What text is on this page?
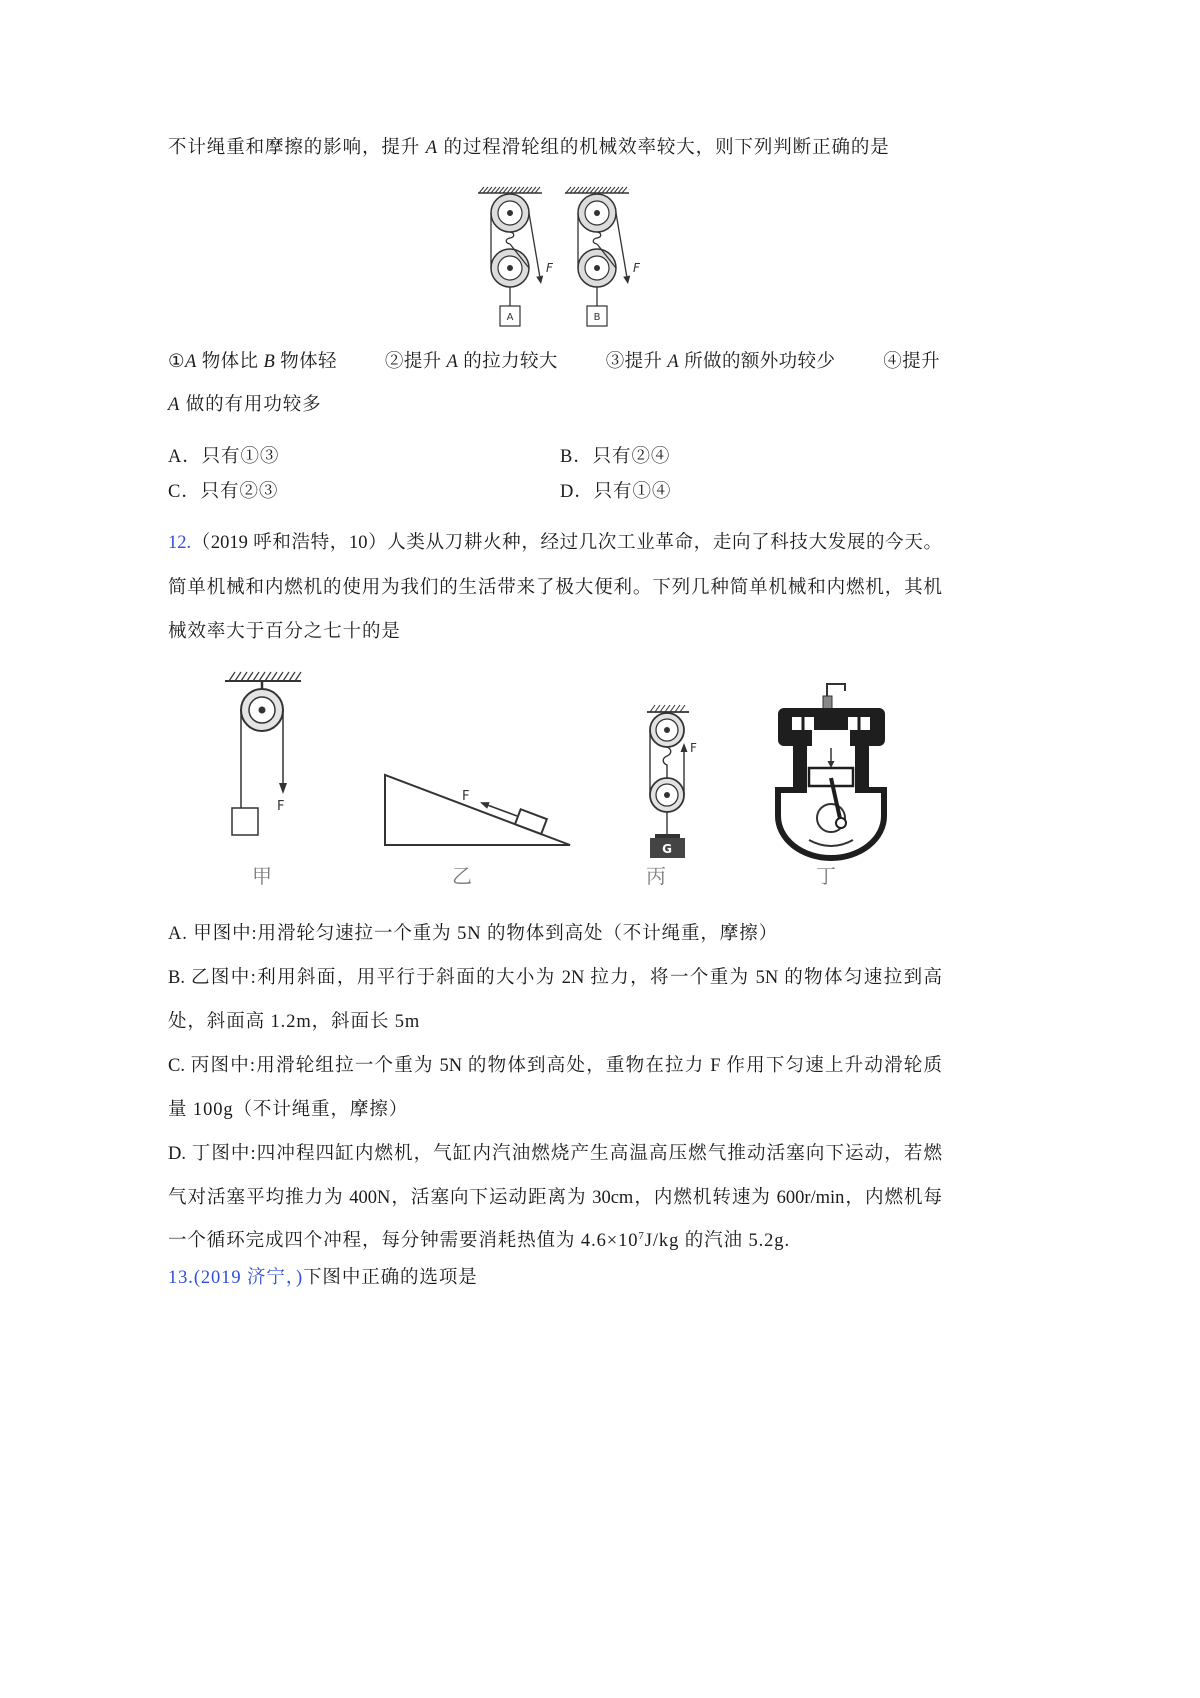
不计绳重和摩擦的影响，提升 A 的过程滑轮组的机械效率较大，则下列判断正确的是
F
A
F
B
①A 物体比 B 物体轻	②提升 A 的拉力较大	③提升 A 所做的额外功较少	④提升
A 做的有用功较多
A．只有①③	B．只有②④
C．只有②③	D．只有①④
12.（2019 呼和浩特，10）人类从刀耕火种，经过几次工业革命，走向了科技大发展的今天。
简单机械和内燃机的使用为我们的生活带来了极大便利。下列几种简单机械和内燃机，其机
械效率大于百分之七十的是
F
F
F
G
甲	乙	丙	丁
A. 甲图中:用滑轮匀速拉一个重为 5N 的物体到高处（不计绳重，摩擦）
B. 乙图中:利用斜面，用平行于斜面的大小为 2N 拉力，将一个重为 5N 的物体匀速拉到高
处，斜面高 1.2m，斜面长 5m
C. 丙图中:用滑轮组拉一个重为 5N 的物体到高处，重物在拉力 F 作用下匀速上升动滑轮质
量 100g（不计绳重，摩擦）
D. 丁图中:四冲程四缸内燃机，气缸内汽油燃烧产生高温高压燃气推动活塞向下运动，若燃
气对活塞平均推力为 400N，活塞向下运动距离为 30cm，内燃机转速为 600r/min，内燃机每
一个循环完成四个冲程，每分钟需要消耗热值为 $4.6\times 10^7J/kg$ 的汽油 5.2g.
13.(2019 济宁，)下图中正确的选项是
